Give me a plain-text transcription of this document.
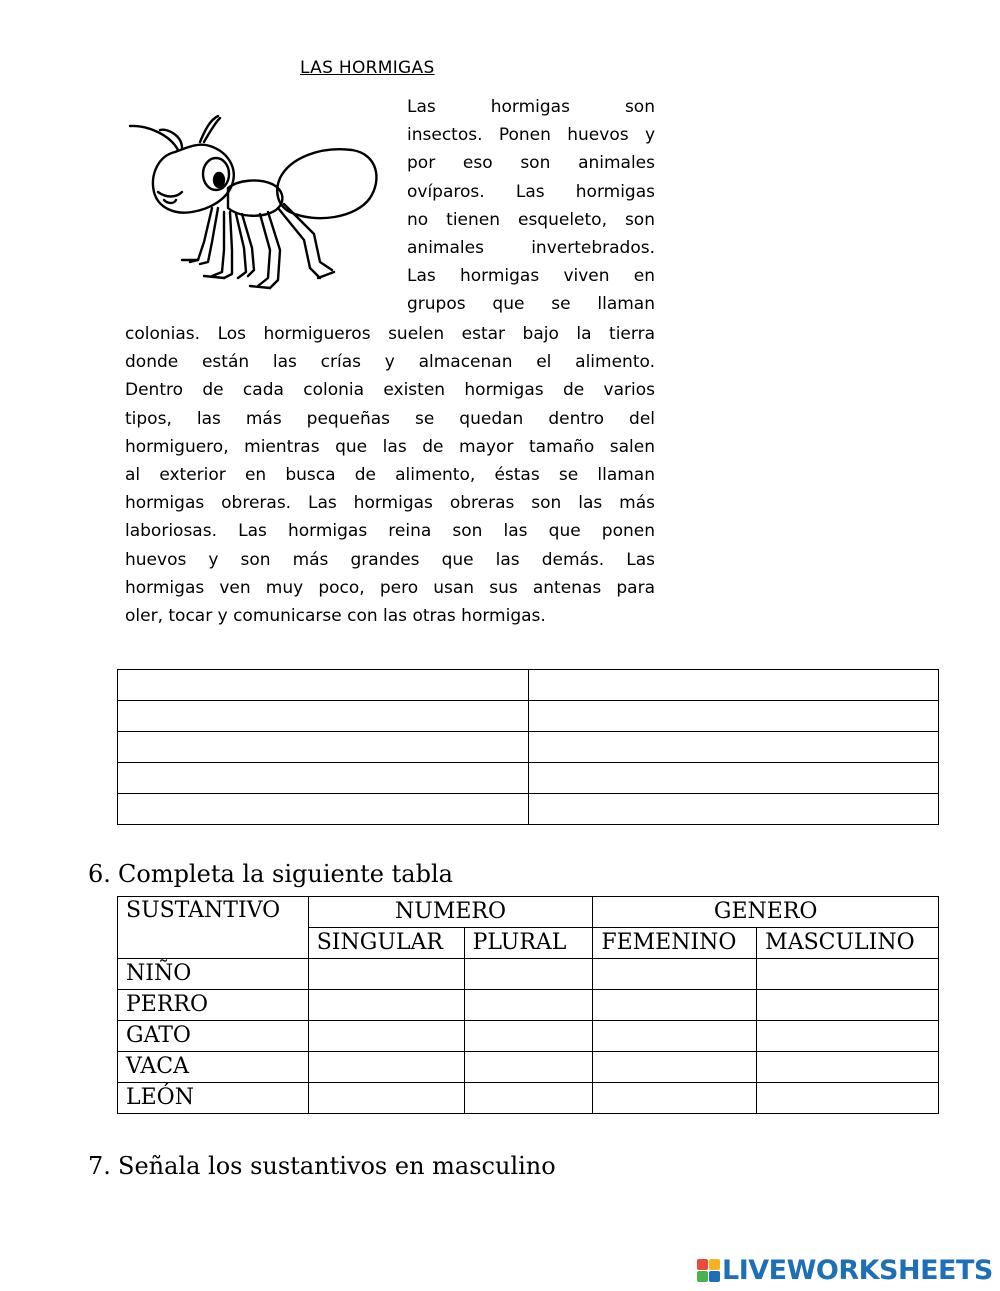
LAS HORMIGAS
Las hormigas son
insectos. Ponen huevos y
por eso son animales
ovíparos. Las hormigas
no tienen esqueleto, son
animales invertebrados.
Las hormigas viven en
grupos que se llaman
colonias. Los hormigueros suelen estar bajo la tierra
donde están las crías y almacenan el alimento.
Dentro de cada colonia existen hormigas de varios
tipos, las más pequeñas se quedan dentro del
hormiguero, mientras que las de mayor tamaño salen
al exterior en busca de alimento, éstas se llaman
hormigas obreras. Las hormigas obreras son las más
laboriosas. Las hormigas reina son las que ponen
huevos y son más grandes que las demás. Las
hormigas ven muy poco, pero usan sus antenas para
oler, tocar y comunicarse con las otras hormigas.

6. Completa la siguiente tabla
SUSTANTIVO	NUMERO		GENERO	
	SINGULAR	PLURAL	FEMENINO	MASCULINO
NIÑO				
PERRO				
GATO				
VACA				
LEÓN				
7. Señala los sustantivos en masculino
LIVEWORKSHEETS
